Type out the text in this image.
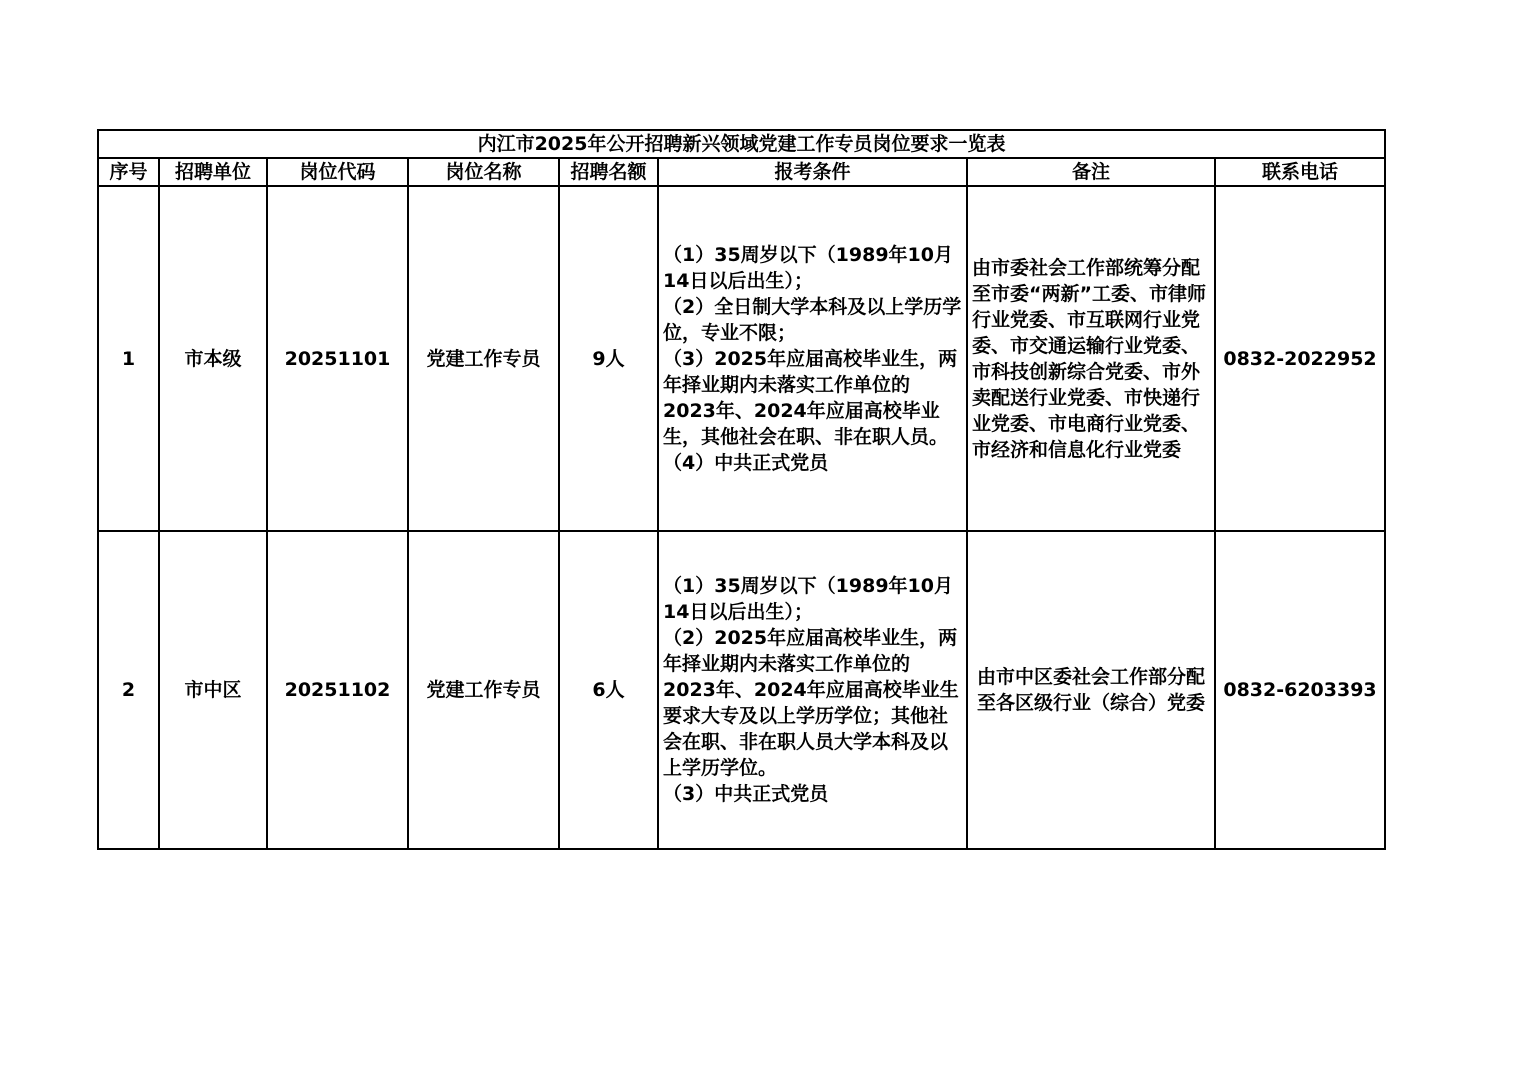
内江市2025年公开招聘新兴领域党建工作专员岗位要求一览表							
序号	招聘单位	岗位代码	岗位名称	招聘名额	报考条件	备注	联系电话
1	市本级	20251101	党建工作专员	9人	（1）35周岁以下（1989年10月14日以后出生）；
（2）全日制大学本科及以上学历学位，专业不限；
（3）2025年应届高校毕业生，两年择业期内未落实工作单位的2023年、2024年应届高校毕业生，其他社会在职、非在职人员。 （4）中共正式党员	由市委社会工作部统筹分配至市委“两新”工委、市律师行业党委、市互联网行业党委、市交通运输行业党委、市科技创新综合党委、市外卖配送行业党委、市快递行业党委、市电商行业党委、市经济和信息化行业党委	0832-2022952
2	市中区	20251102	党建工作专员	6人	（1）35周岁以下（1989年10月14日以后出生）；
（2）2025年应届高校毕业生，两年择业期内未落实工作单位的2023年、2024年应届高校毕业生要求大专及以上学历学位；其他社会在职、非在职人员大学本科及以上学历学位。
（3）中共正式党员	由市中区委社会工作部分配至各区级行业（综合）党委	0832-6203393
